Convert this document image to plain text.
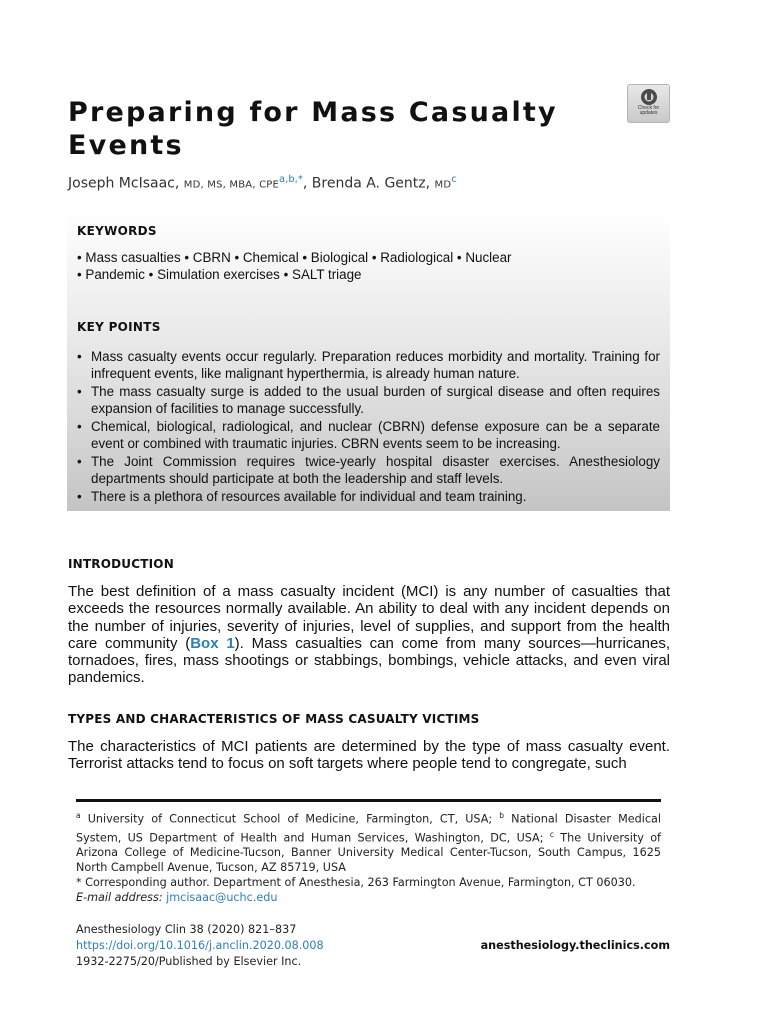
Preparing for Mass Casualty Events
Check for
updates
Joseph McIsaac, MD, MS, MBA, $CPE^{a,b,*}$, Brenda A. Gentz, $MD^c$
KEYWORDS
• Mass casualties • CBRN • Chemical • Biological • Radiological • Nuclear
• Pandemic • Simulation exercises • SALT triage
KEY POINTS
• Mass casualty events occur regularly. Preparation reduces morbidity and mortality. Training for infrequent events, like malignant hyperthermia, is already human nature.
• The mass casualty surge is added to the usual burden of surgical disease and often requires expansion of facilities to manage successfully.
• Chemical, biological, radiological, and nuclear (CBRN) defense exposure can be a separate event or combined with traumatic injuries. CBRN events seem to be increasing.
• The Joint Commission requires twice-yearly hospital disaster exercises. Anesthesiology departments should participate at both the leadership and staff levels.
• There is a plethora of resources available for individual and team training.
INTRODUCTION
The best definition of a mass casualty incident (MCI) is any number of casualties that exceeds the resources normally available. An ability to deal with any incident depends on the number of injuries, severity of injuries, level of supplies, and support from the health care community (Box 1). Mass casualties can come from many sources—hurricanes, tornadoes, fires, mass shootings or stabbings, bombings, vehicle attacks, and even viral pandemics.
TYPES AND CHARACTERISTICS OF MASS CASUALTY VICTIMS
The characteristics of MCI patients are determined by the type of mass casualty event. Terrorist attacks tend to focus on soft targets where people tend to congregate, such
$^a$ University of Connecticut School of Medicine, Farmington, CT, USA; $^b$ National Disaster Medical System, US Department of Health and Human Services, Washington, DC, USA; $^c$ The University of Arizona College of Medicine-Tucson, Banner University Medical Center-Tucson, South Campus, 1625 North Campbell Avenue, Tucson, AZ 85719, USA
* Corresponding author. Department of Anesthesia, 263 Farmington Avenue, Farmington, CT 06030.
E-mail address: jmcisaac@uchc.edu
Anesthesiology Clin 38 (2020) 821–837
https://doi.org/10.1016/j.anclin.2020.08.008
1932-2275/20/Published by Elsevier Inc.
anesthesiology.theclinics.com
